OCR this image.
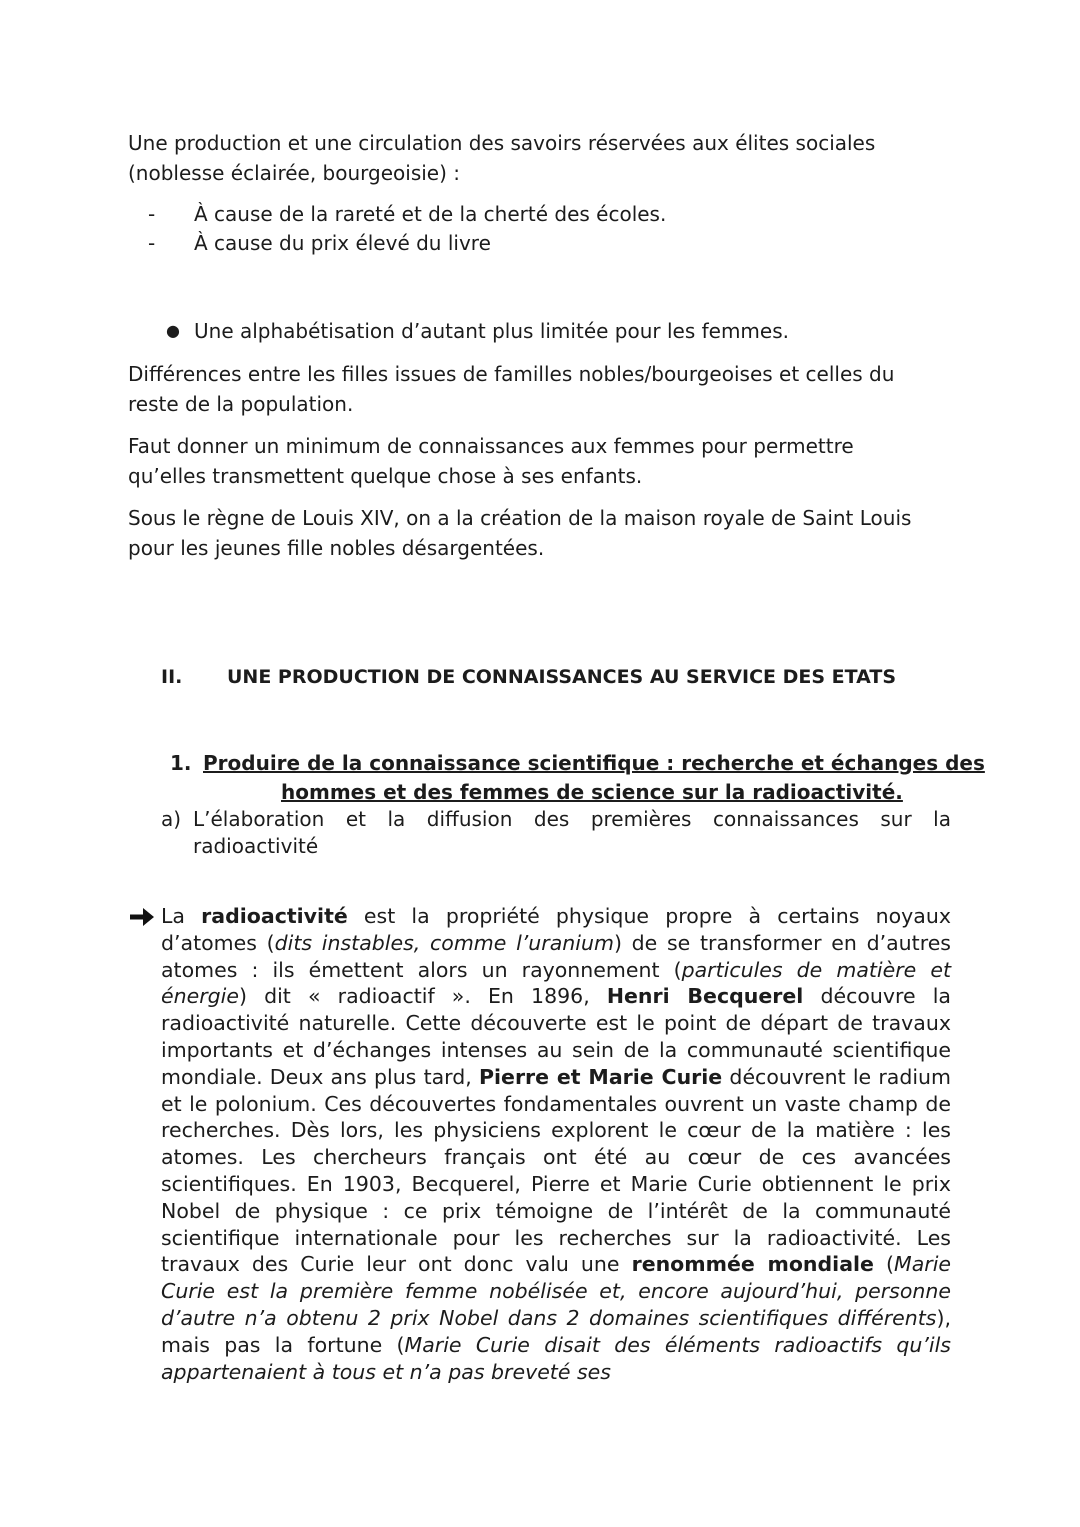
Une production et une circulation des savoirs réservées aux élites sociales
(noblesse éclairée, bourgeoisie) :
- À cause de la rareté et de la cherté des écoles.
- À cause du prix élevé du livre
● Une alphabétisation d’autant plus limitée pour les femmes.
Différences entre les filles issues de familles nobles/bourgeoises et celles du
reste de la population.
Faut donner un minimum de connaissances aux femmes pour permettre
qu’elles transmettent quelque chose à ses enfants.
Sous le règne de Louis XIV, on a la création de la maison royale de Saint Louis
pour les jeunes fille nobles désargentées.
II. UNE PRODUCTION DE CONNAISSANCES AU SERVICE DES ETATS
1. Produire de la connaissance scientifique : recherche et échanges des
hommes et des femmes de science sur la radioactivité.
a) L’élaboration et la diffusion des premières connaissances sur la
radioactivité

La radioactivité est la propriété physique propre à certains noyaux d’atomes (dits instables, comme l’uranium) de se transformer en d’autres atomes : ils émettent alors un rayonnement (particules de matière et énergie) dit « radioactif ». En 1896, Henri Becquerel découvre la radioactivité naturelle. Cette découverte est le point de départ de travaux importants et d’échanges intenses au sein de la communauté scientifique mondiale. Deux ans plus tard, Pierre et Marie Curie découvrent le radium et le polonium. Ces découvertes fondamentales ouvrent un vaste champ de recherches. Dès lors, les physiciens explorent le cœur de la matière : les atomes. Les chercheurs français ont été au cœur de ces avancées scientifiques. En 1903, Becquerel, Pierre et Marie Curie obtiennent le prix Nobel de physique : ce prix témoigne de l’intérêt de la communauté scientifique internationale pour les recherches sur la radioactivité. Les travaux des Curie leur ont donc valu une renommée mondiale (Marie Curie est la première femme nobélisée et, encore aujourd’hui, personne d’autre n’a obtenu 2 prix Nobel dans 2 domaines scientifiques différents), mais pas la fortune (Marie Curie disait des éléments radioactifs qu’ils appartenaient à tous et n’a pas breveté ses
